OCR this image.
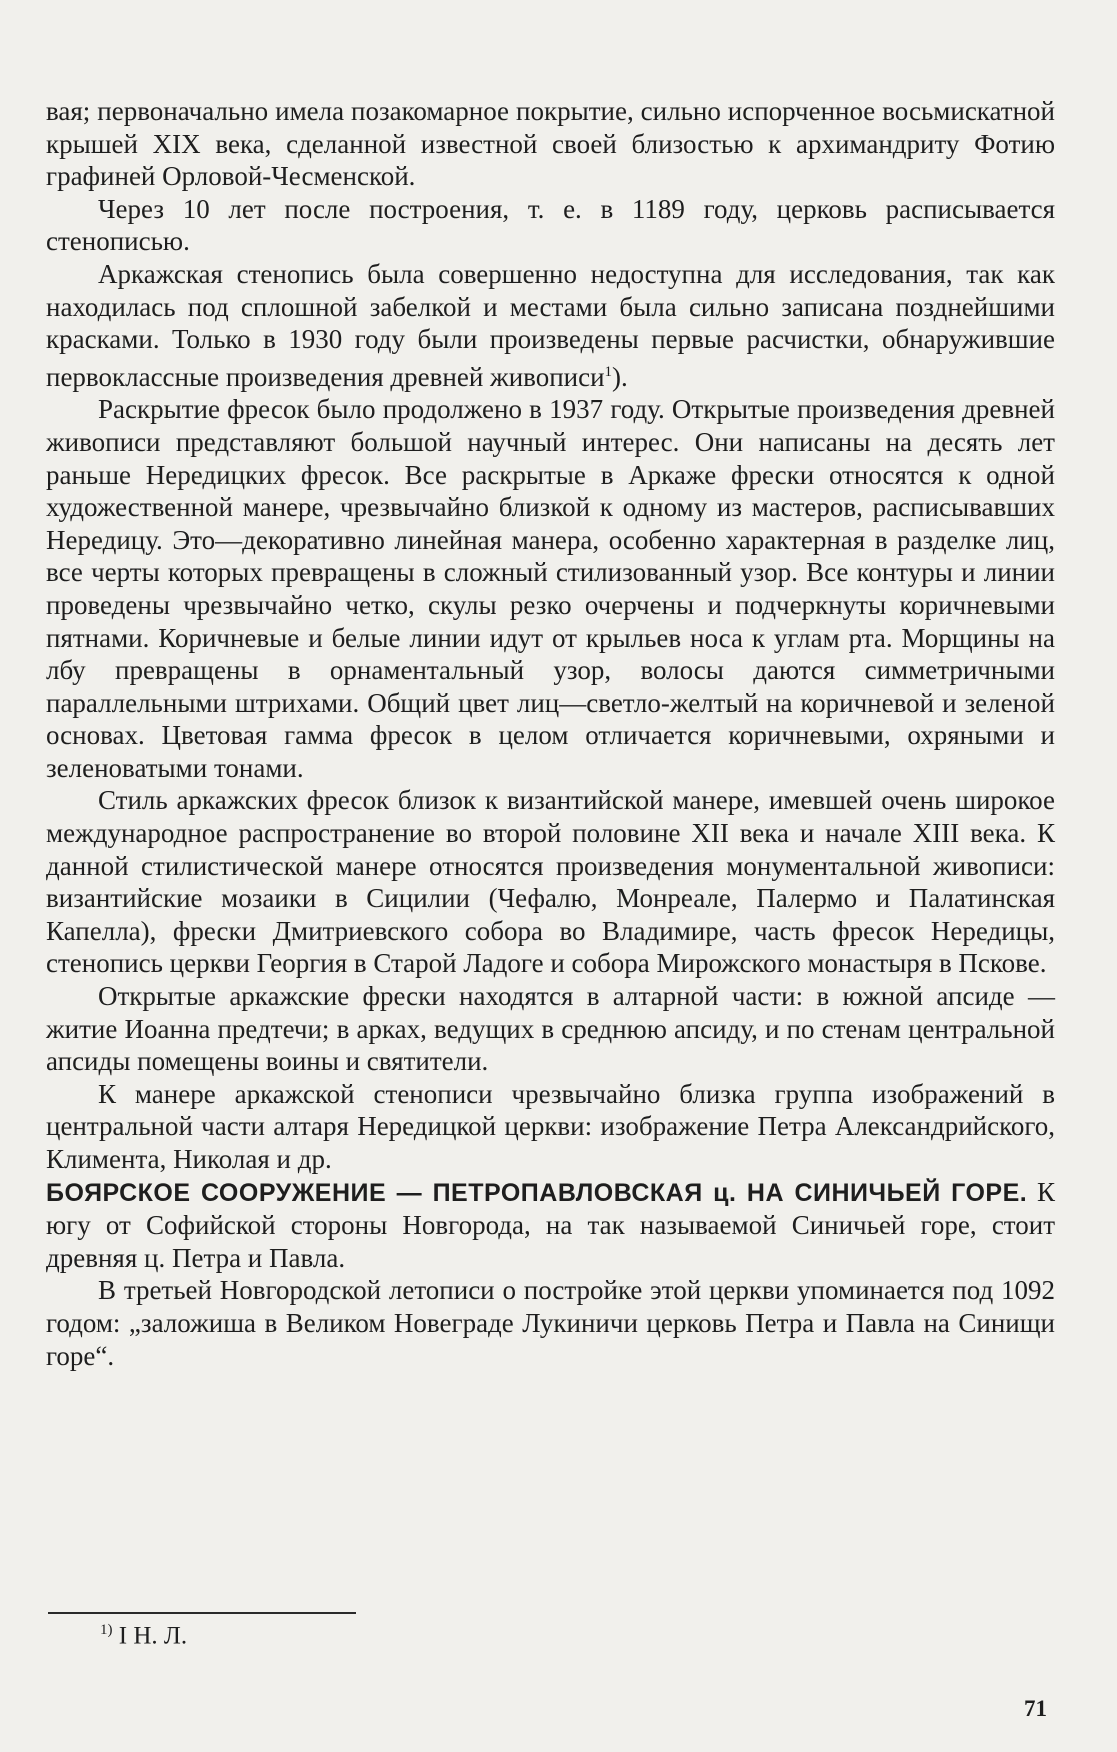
вая; первоначально имела позакомарное покрытие, сильно испорченное восьмискатной крышей XIX века, сделанной известной своей близостью к архимандриту Фотию графиней Орловой-Чесменской.

Через 10 лет после построения, т. е. в 1189 году, церковь расписывается стенописью.

Аркажская стенопись была совершенно недоступна для исследования, так как находилась под сплошной забелкой и местами была сильно записана позднейшими красками. Только в 1930 году были произведены первые расчистки, обнаружившие первоклассные произведения древней живописи$^1$).

Раскрытие фресок было продолжено в 1937 году. Открытые произведения древней живописи представляют большой научный интерес. Они написаны на десять лет раньше Нередицких фресок. Все раскрытые в Аркаже фрески относятся к одной художественной манере, чрезвычайно близкой к одному из мастеров, расписывавших Нередицу. Это—декоративно линейная манера, особенно характерная в разделке лиц, все черты которых превращены в сложный стилизованный узор. Все контуры и линии проведены чрезвычайно четко, скулы резко очерчены и подчеркнуты коричневыми пятнами. Коричневые и белые линии идут от крыльев носа к углам рта. Морщины на лбу превращены в орнаментальный узор, волосы даются симметричными параллельными штрихами. Общий цвет лиц—светло-желтый на коричневой и зеленой основах. Цветовая гамма фресок в целом отличается коричневыми, охряными и зеленоватыми тонами.

Стиль аркажских фресок близок к византийской манере, имевшей очень широкое международное распространение во второй половине XII века и начале XIII века. К данной стилистической манере относятся произведения монументальной живописи: византийские мозаики в Сицилии (Чефалю, Монреале, Палермо и Палатинская Капелла), фрески Дмитриевского собора во Владимире, часть фресок Нередицы, стенопись церкви Георгия в Старой Ладоге и собора Мирожского монастыря в Пскове.

Открытые аркажские фрески находятся в алтарной части: в южной апсиде — житие Иоанна предтечи; в арках, ведущих в среднюю апсиду, и по стенам центральной апсиды помещены воины и святители.

К манере аркажской стенописи чрезвычайно близка группа изображений в центральной части алтаря Нередицкой церкви: изображение Петра Александрийского, Климента, Николая и др.

БОЯРСКОЕ СООРУЖЕНИЕ — ПЕТРОПАВЛОВСКАЯ ц. НА СИНИЧЬЕЙ ГОРЕ. К югу от Софийской стороны Новгорода, на так называемой Синичьей горе, стоит древняя ц. Петра и Павла.

В третьей Новгородской летописи о постройке этой церкви упоминается под 1092 годом: „заложиша в Великом Новеграде Лукиничи церковь Петра и Павла на Синищи горе“.

$^{1)}$ I Н. Л.
71
